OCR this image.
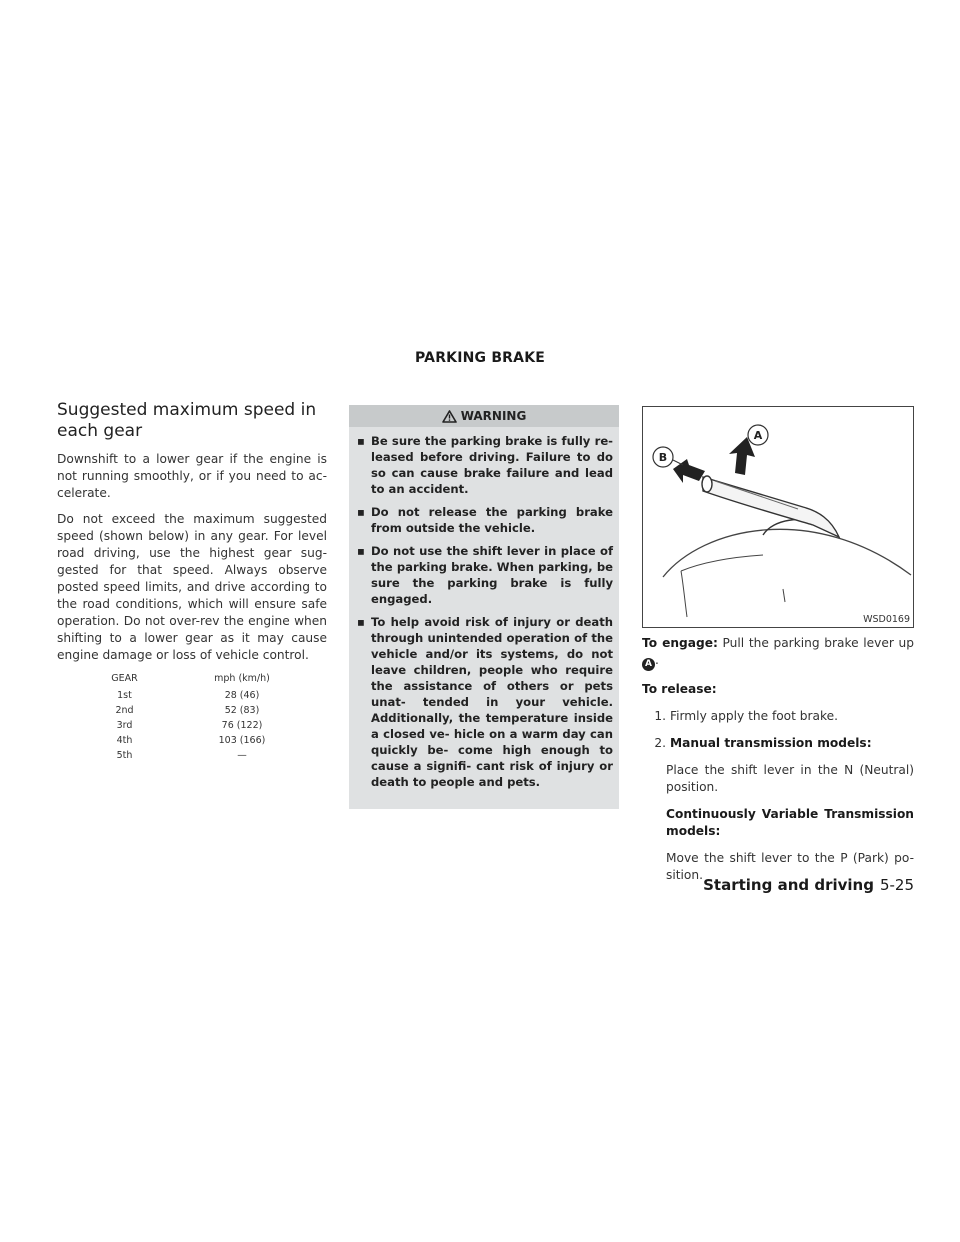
PARKING BRAKE
Suggested maximum speed in each gear

Downshift to a lower gear if the engine is not running smoothly, or if you need to ac- celerate.

Do not exceed the maximum suggested speed (shown below) in any gear. For level road driving, use the highest gear sug- gested for that speed. Always observe posted speed limits, and drive according to the road conditions, which will ensure safe operation. Do not over-rev the engine when shifting to a lower gear as it may cause engine damage or loss of vehicle control.

GEAR	mph (km/h)
1st	28 (46)
2nd	52 (83)
3rd	76 (122)
4th	103 (166)
5th	—
WARNING
▪ Be sure the parking brake is fully re- leased before driving. Failure to do so can cause brake failure and lead to an accident.
▪ Do not release the parking brake from outside the vehicle.
▪ Do not use the shift lever in place of the parking brake. When parking, be sure the parking brake is fully engaged.
▪ To help avoid risk of injury or death through unintended operation of the vehicle and/or its systems, do not leave children, people who require the assistance of others or pets unat- tended in your vehicle. Additionally, the temperature inside a closed ve- hicle on a warm day can quickly be- come high enough to cause a signifi- cant risk of injury or death to people and pets.
B
A
WSD0169

To engage: Pull the parking brake lever up A .

To release:

1. Firmly apply the foot brake.
2. Manual transmission models:

Place the shift lever in the N (Neutral) position.

Continuously Variable Transmission models:

Move the shift lever to the P (Park) po- sition.

Starting and driving 5-25
